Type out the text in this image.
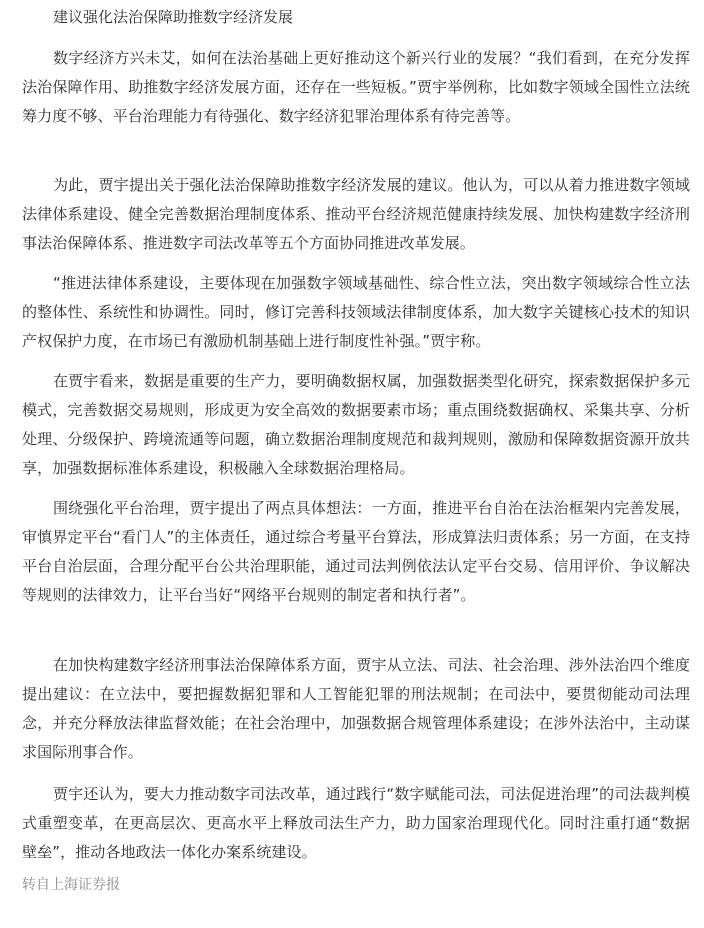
建议强化法治保障助推数字经济发展

数字经济方兴未艾，如何在法治基础上更好推动这个新兴行业的发展？“我们看到，在充分发挥法治保障作用、助推数字经济发展方面，还存在一些短板。”贾宇举例称，比如数字领域全国性立法统筹力度不够、平台治理能力有待强化、数字经济犯罪治理体系有待完善等。

为此，贾宇提出关于强化法治保障助推数字经济发展的建议。他认为，可以从着力推进数字领域法律体系建设、健全完善数据治理制度体系、推动平台经济规范健康持续发展、加快构建数字经济刑事法治保障体系、推进数字司法改革等五个方面协同推进改革发展。

“推进法律体系建设，主要体现在加强数字领域基础性、综合性立法，突出数字领域综合性立法的整体性、系统性和协调性。同时，修订完善科技领域法律制度体系，加大数字关键核心技术的知识产权保护力度，在市场已有激励机制基础上进行制度性补强。”贾宇称。

在贾宇看来，数据是重要的生产力，要明确数据权属，加强数据类型化研究，探索数据保护多元模式，完善数据交易规则，形成更为安全高效的数据要素市场；重点围绕数据确权、采集共享、分析处理、分级保护、跨境流通等问题，确立数据治理制度规范和裁判规则，激励和保障数据资源开放共享，加强数据标准体系建设，积极融入全球数据治理格局。

围绕强化平台治理，贾宇提出了两点具体想法：一方面，推进平台自治在法治框架内完善发展，审慎界定平台“看门人”的主体责任，通过综合考量平台算法，形成算法归责体系；另一方面，在支持平台自治层面，合理分配平台公共治理职能，通过司法判例依法认定平台交易、信用评价、争议解决等规则的法律效力，让平台当好“网络平台规则的制定者和执行者”。

在加快构建数字经济刑事法治保障体系方面，贾宇从立法、司法、社会治理、涉外法治四个维度提出建议：在立法中，要把握数据犯罪和人工智能犯罪的刑法规制；在司法中，要贯彻能动司法理念，并充分释放法律监督效能；在社会治理中，加强数据合规管理体系建设；在涉外法治中，主动谋求国际刑事合作。

贾宇还认为，要大力推动数字司法改革，通过践行“数字赋能司法，司法促进治理”的司法裁判模式重塑变革，在更高层次、更高水平上释放司法生产力，助力国家治理现代化。同时注重打通“数据壁垒”，推动各地政法一体化办案系统建设。

转自上海证券报
